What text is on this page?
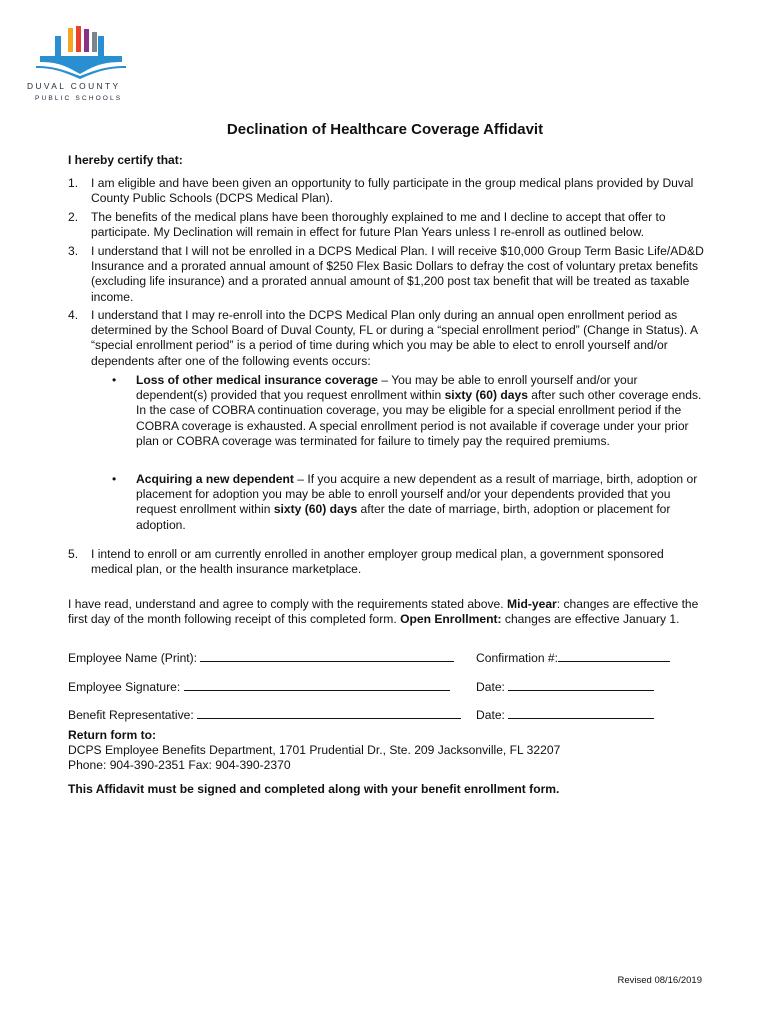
DUVAL COUNTY
PUBLIC SCHOOLS
Declination of Healthcare Coverage Affidavit
I hereby certify that:
1. I am eligible and have been given an opportunity to fully participate in the group medical plans provided by Duval County Public Schools (DCPS Medical Plan).
2. The benefits of the medical plans have been thoroughly explained to me and I decline to accept that offer to participate. My Declination will remain in effect for future Plan Years unless I re-enroll as outlined below.
3. I understand that I will not be enrolled in a DCPS Medical Plan. I will receive $10,000 Group Term Basic Life/AD&D Insurance and a prorated annual amount of $250 Flex Basic Dollars to defray the cost of voluntary pretax benefits (excluding life insurance) and a prorated annual amount of $1,200 post tax benefit that will be treated as taxable income.
4. I understand that I may re-enroll into the DCPS Medical Plan only during an annual open enrollment period as determined by the School Board of Duval County, FL or during a “special enrollment period” (Change in Status). A “special enrollment period” is a period of time during which you may be able to elect to enroll yourself and/or dependents after one of the following events occurs:
• Loss of other medical insurance coverage – You may be able to enroll yourself and/or your dependent(s) provided that you request enrollment within sixty (60) days after such other coverage ends. In the case of COBRA continuation coverage, you may be eligible for a special enrollment period if the COBRA coverage is exhausted. A special enrollment period is not available if coverage under your prior plan or COBRA coverage was terminated for failure to timely pay the required premiums.
• Acquiring a new dependent – If you acquire a new dependent as a result of marriage, birth, adoption or placement for adoption you may be able to enroll yourself and/or your dependents provided that you request enrollment within sixty (60) days after the date of marriage, birth, adoption or placement for adoption.
5. I intend to enroll or am currently enrolled in another employer group medical plan, a government sponsored medical plan, or the health insurance marketplace.
I have read, understand and agree to comply with the requirements stated above. Mid-year: changes are effective the first day of the month following receipt of this completed form. Open Enrollment: changes are effective January 1.
Employee Name (Print):	Confirmation #:
Employee Signature:	Date:
Benefit Representative:	Date:
Return form to:
DCPS Employee Benefits Department, 1701 Prudential Dr., Ste. 209 Jacksonville, FL 32207
Phone: 904-390-2351 Fax: 904-390-2370
This Affidavit must be signed and completed along with your benefit enrollment form.
Revised 08/16/2019
